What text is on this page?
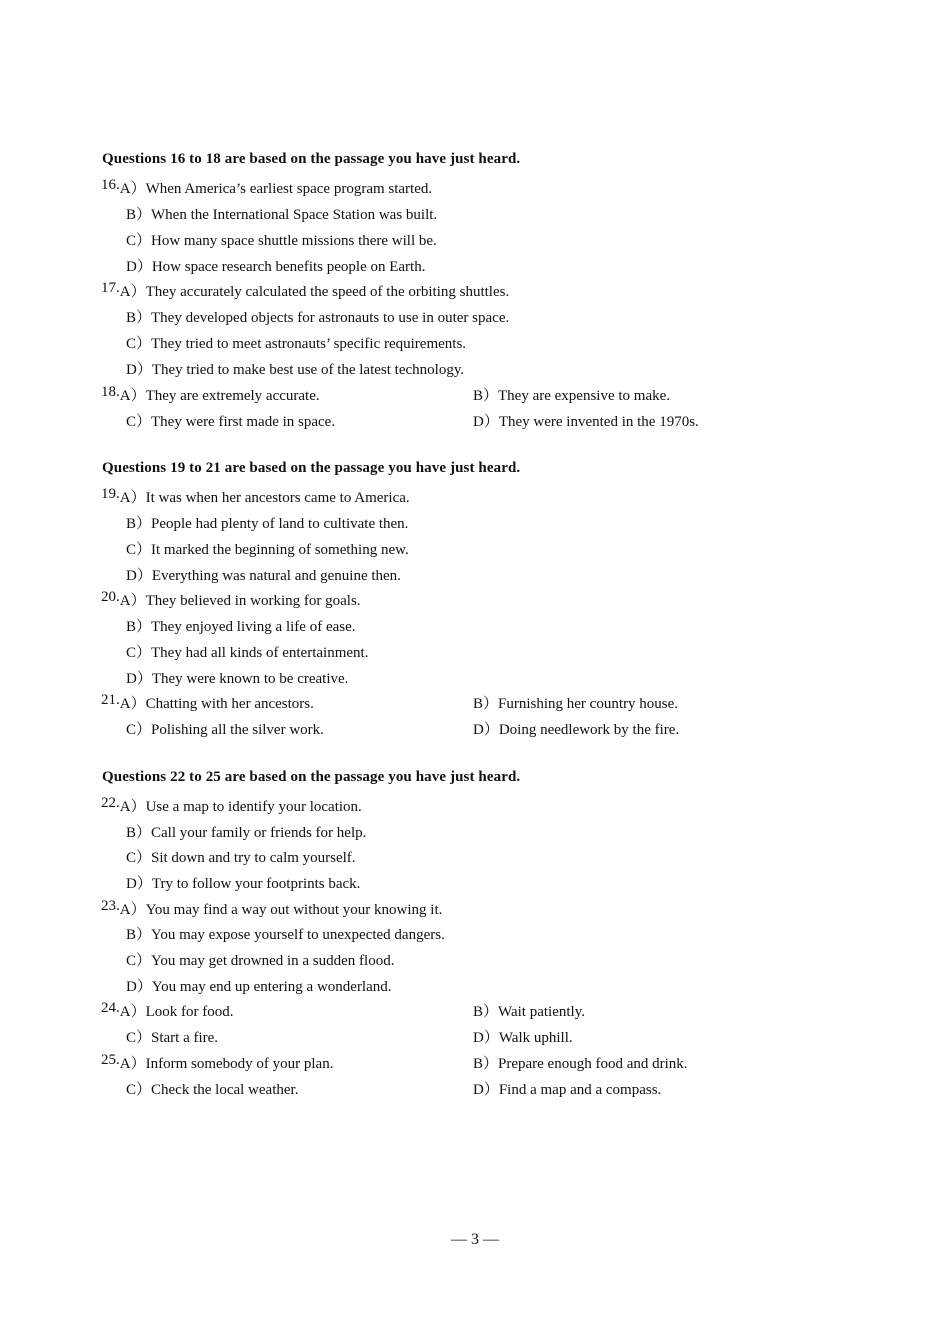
Questions 16 to 18 are based on the passage you have just heard.
16. A）When America’s earliest space program started.
B）When the International Space Station was built.
C）How many space shuttle missions there will be.
D）How space research benefits people on Earth.
17. A）They accurately calculated the speed of the orbiting shuttles.
B）They developed objects for astronauts to use in outer space.
C）They tried to meet astronauts’ specific requirements.
D）They tried to make best use of the latest technology.
18. A）They are extremely accurate.	B）They are expensive to make.
C）They were first made in space.	D）They were invented in the 1970s.
Questions 19 to 21 are based on the passage you have just heard.
19. A）It was when her ancestors came to America.
B）People had plenty of land to cultivate then.
C）It marked the beginning of something new.
D）Everything was natural and genuine then.
20. A）They believed in working for goals.
B）They enjoyed living a life of ease.
C）They had all kinds of entertainment.
D）They were known to be creative.
21. A）Chatting with her ancestors.	B）Furnishing her country house.
C）Polishing all the silver work.	D）Doing needlework by the fire.
Questions 22 to 25 are based on the passage you have just heard.
22. A）Use a map to identify your location.
B）Call your family or friends for help.
C）Sit down and try to calm yourself.
D）Try to follow your footprints back.
23. A）You may find a way out without your knowing it.
B）You may expose yourself to unexpected dangers.
C）You may get drowned in a sudden flood.
D）You may end up entering a wonderland.
24. A）Look for food.	B）Wait patiently.
C）Start a fire.	D）Walk uphill.
25. A）Inform somebody of your plan.	B）Prepare enough food and drink.
C）Check the local weather.	D）Find a map and a compass.
— 3 —
